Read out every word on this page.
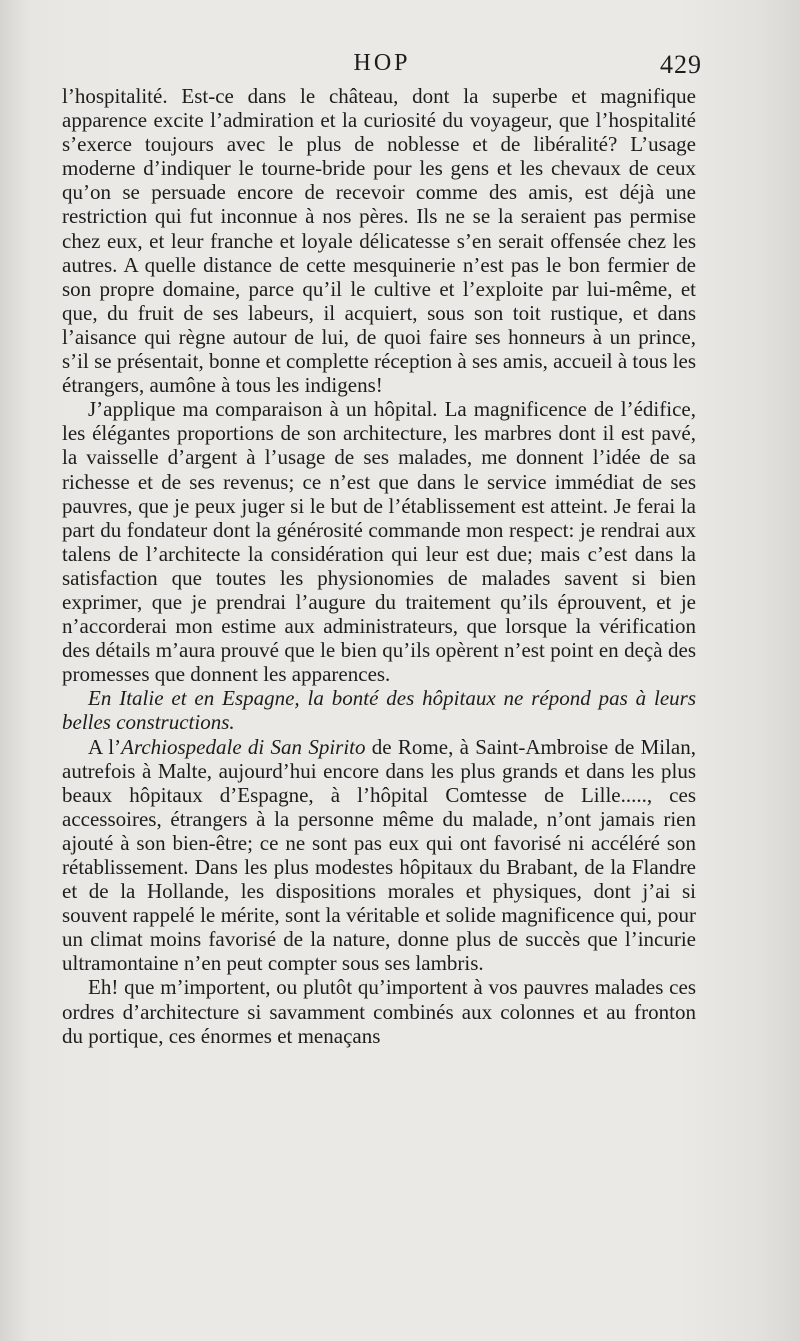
HOP	429

l’hospitalité. Est-ce dans le château, dont la superbe et magnifique apparence excite l’admiration et la curiosité du voyageur, que l’hospitalité s’exerce toujours avec le plus de noblesse et de libéralité? L’usage moderne d’indiquer le tourne-bride pour les gens et les chevaux de ceux qu’on se persuade encore de recevoir comme des amis, est déjà une restriction qui fut inconnue à nos pères. Ils ne se la seraient pas permise chez eux, et leur franche et loyale délicatesse s’en serait offensée chez les autres. A quelle distance de cette mesquinerie n’est pas le bon fermier de son propre domaine, parce qu’il le cultive et l’exploite par lui-même, et que, du fruit de ses labeurs, il acquiert, sous son toit rustique, et dans l’aisance qui règne autour de lui, de quoi faire ses honneurs à un prince, s’il se présentait, bonne et complette réception à ses amis, accueil à tous les étrangers, aumône à tous les indigens!

J’applique ma comparaison à un hôpital. La magnificence de l’édifice, les élégantes proportions de son architecture, les marbres dont il est pavé, la vaisselle d’argent à l’usage de ses malades, me donnent l’idée de sa richesse et de ses revenus; ce n’est que dans le service immédiat de ses pauvres, que je peux juger si le but de l’établissement est atteint. Je ferai la part du fondateur dont la générosité commande mon respect: je rendrai aux talens de l’architecte la considération qui leur est due; mais c’est dans la satisfaction que toutes les physionomies de malades savent si bien exprimer, que je prendrai l’augure du traitement qu’ils éprouvent, et je n’accorderai mon estime aux administrateurs, que lorsque la vérification des détails m’aura prouvé que le bien qu’ils opèrent n’est point en deçà des promesses que donnent les apparences.

En Italie et en Espagne, la bonté des hôpitaux ne répond pas à leurs belles constructions.

A l’Archiospedale di San Spirito de Rome, à Saint-Ambroise de Milan, autrefois à Malte, aujourd’hui encore dans les plus grands et dans les plus beaux hôpitaux d’Espagne, à l’hôpital Comtesse de Lille....., ces accessoires, étrangers à la personne même du malade, n’ont jamais rien ajouté à son bien-être; ce ne sont pas eux qui ont favorisé ni accéléré son rétablissement. Dans les plus modestes hôpitaux du Brabant, de la Flandre et de la Hollande, les dispositions morales et physiques, dont j’ai si souvent rappelé le mérite, sont la véritable et solide magnificence qui, pour un climat moins favorisé de la nature, donne plus de succès que l’incurie ultramontaine n’en peut compter sous ses lambris.

Eh! que m’importent, ou plutôt qu’importent à vos pauvres malades ces ordres d’architecture si savamment combinés aux colonnes et au fronton du portique, ces énormes et menaçans
